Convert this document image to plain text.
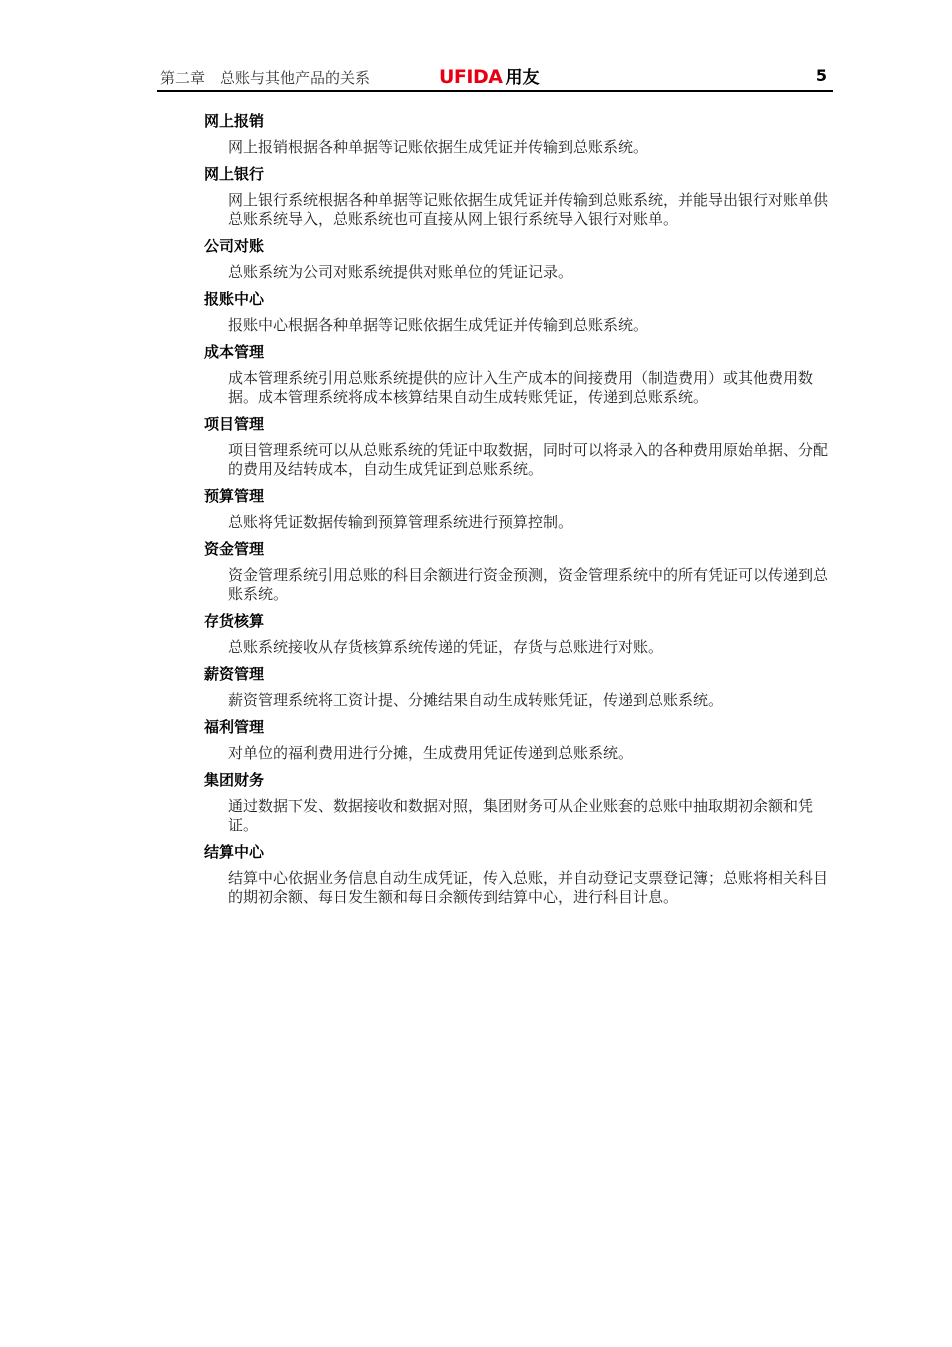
第二章　总账与其他产品的关系	UFIDA 用友	5

网上报销

网上报销根据各种单据等记账依据生成凭证并传输到总账系统。

网上银行

网上银行系统根据各种单据等记账依据生成凭证并传输到总账系统，并能导出银行对账单供总账系统导入，总账系统也可直接从网上银行系统导入银行对账单。

公司对账

总账系统为公司对账系统提供对账单位的凭证记录。

报账中心

报账中心根据各种单据等记账依据生成凭证并传输到总账系统。

成本管理

成本管理系统引用总账系统提供的应计入生产成本的间接费用（制造费用）或其他费用数据。成本管理系统将成本核算结果自动生成转账凭证，传递到总账系统。

项目管理

项目管理系统可以从总账系统的凭证中取数据，同时可以将录入的各种费用原始单据、分配的费用及结转成本，自动生成凭证到总账系统。

预算管理

总账将凭证数据传输到预算管理系统进行预算控制。

资金管理

资金管理系统引用总账的科目余额进行资金预测，资金管理系统中的所有凭证可以传递到总账系统。

存货核算

总账系统接收从存货核算系统传递的凭证，存货与总账进行对账。

薪资管理

薪资管理系统将工资计提、分摊结果自动生成转账凭证，传递到总账系统。

福利管理

对单位的福利费用进行分摊，生成费用凭证传递到总账系统。

集团财务

通过数据下发、数据接收和数据对照，集团财务可从企业账套的总账中抽取期初余额和凭证。

结算中心

结算中心依据业务信息自动生成凭证，传入总账，并自动登记支票登记簿；总账将相关科目的期初余额、每日发生额和每日余额传到结算中心，进行科目计息。
